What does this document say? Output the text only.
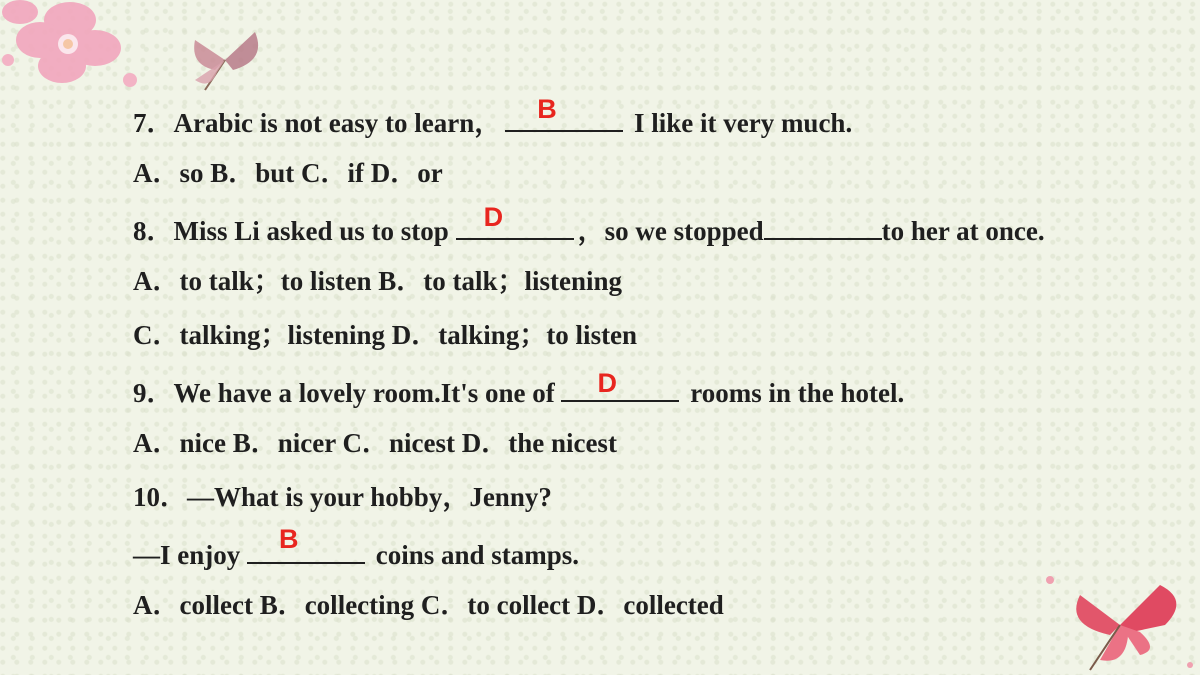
7．Arabic is not easy to learn， B	I like it very much.
A．so B．but C．if D．or
8．Miss Li asked us to stop D	，so we stopped	to her at once.
A．to talk；to listen B．to talk；listening
C．talking；listening D．talking；to listen
9．We have a lovely room.It's one of D	rooms in the hotel.
A．nice B．nicer C．nicest D．the nicest
10．—What is your hobby，Jenny?
—I enjoy
B
coins and stamps.
A．collect B．collecting C．to collect D．collected
